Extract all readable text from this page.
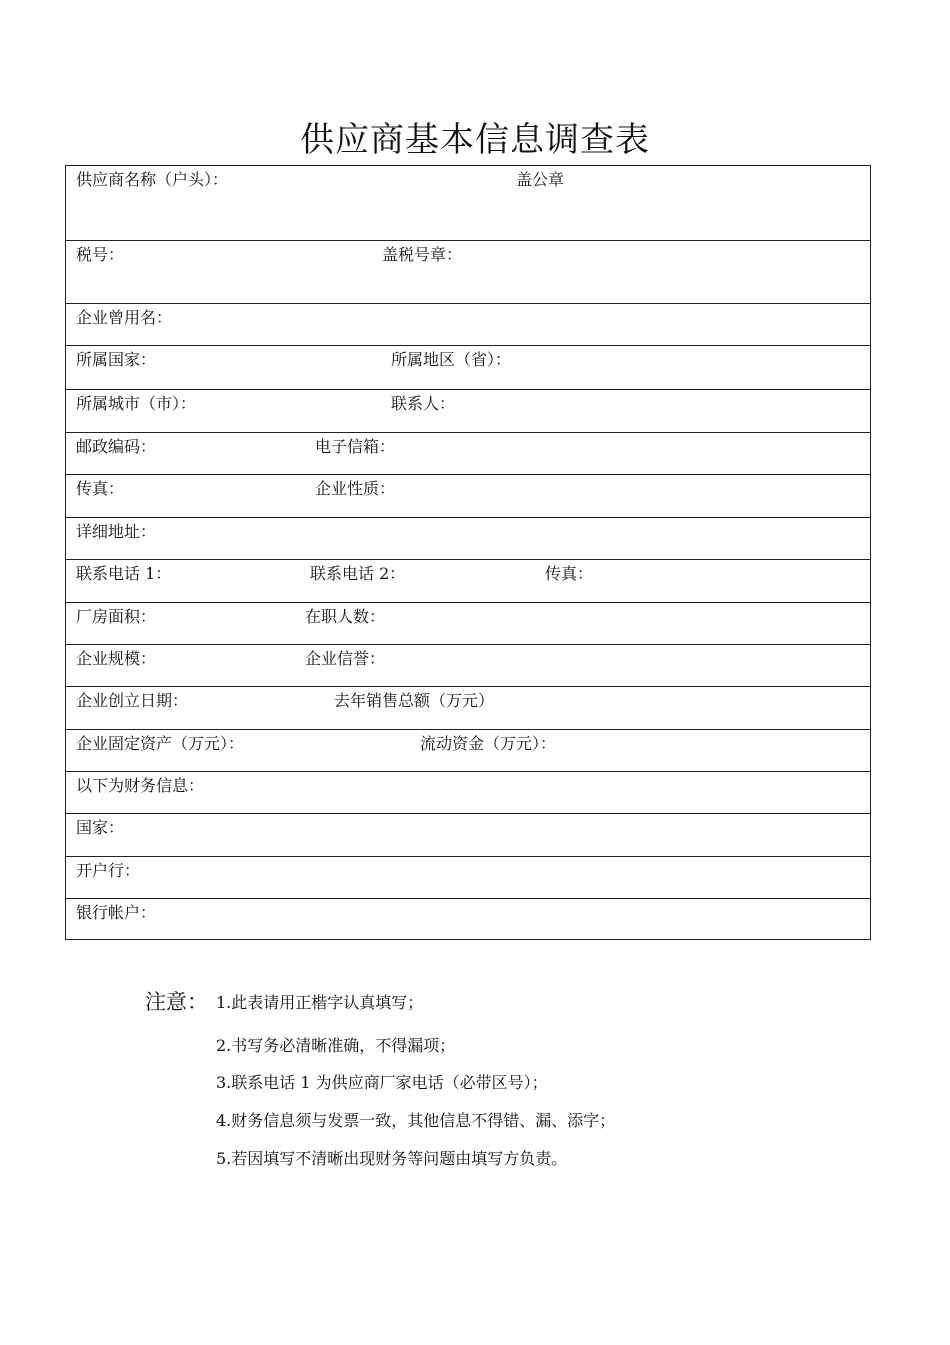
供应商基本信息调查表
供应商名称（户头）：	盖公章
税号：	盖税号章：
企业曾用名：
所属国家：	所属地区（省）：
所属城市（市）：	联系人：
邮政编码：	电子信箱：
传真：	企业性质：
详细地址：
联系电话 1：	联系电话 2：	传真：
厂房面积：	在职人数：
企业规模：	企业信誉：
企业创立日期：	去年销售总额（万元）
企业固定资产（万元）：	流动资金（万元）：
以下为财务信息：
国家：
开户行：
银行帐户：
注意： 1.此表请用正楷字认真填写；
2.书写务必清晰准确，不得漏项；
3.联系电话 1 为供应商厂家电话（必带区号）；
4.财务信息须与发票一致，其他信息不得错、漏、添字；
5.若因填写不清晰出现财务等问题由填写方负责。
